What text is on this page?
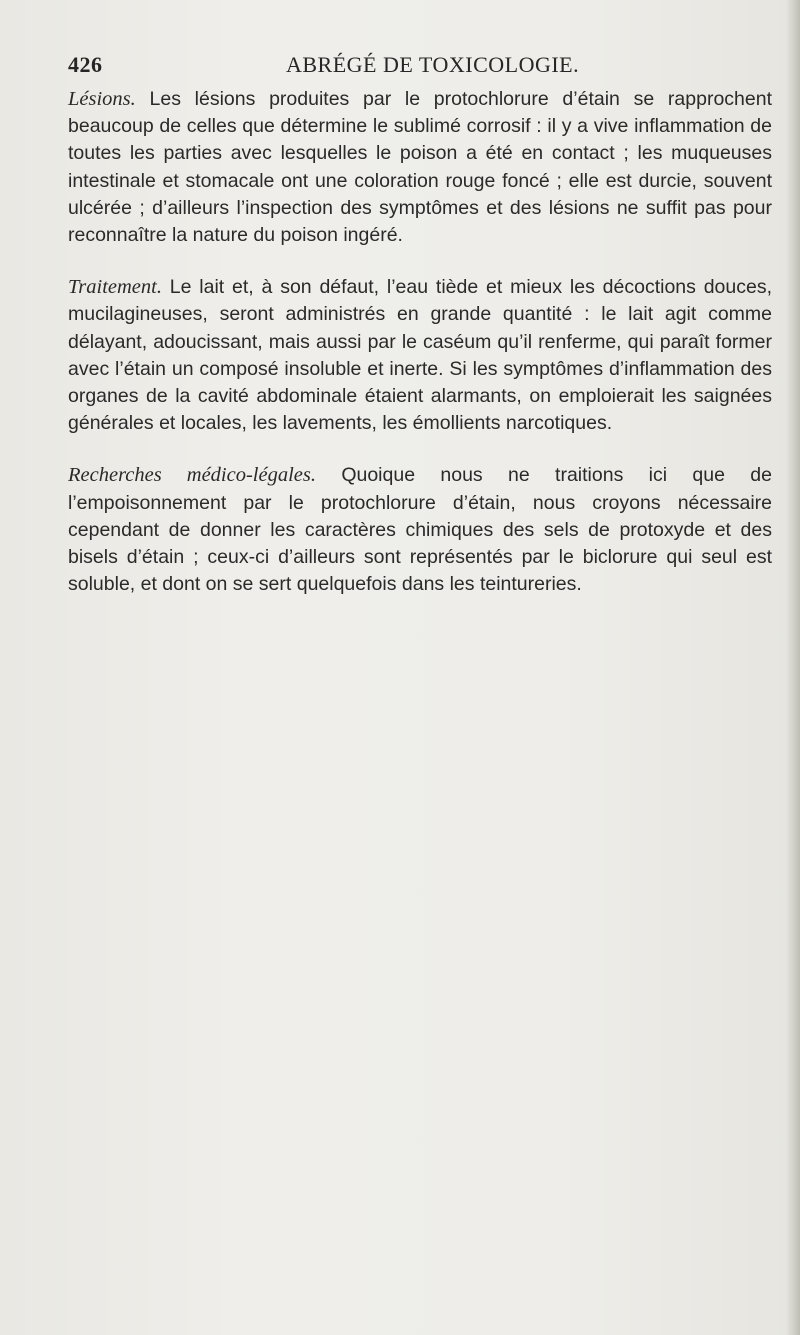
426	ABRÉGÉ DE TOXICOLOGIE.

Lésions. Les lésions produites par le protochlorure d’étain se rapprochent beaucoup de celles que détermine le sublimé corrosif : il y a vive inflammation de toutes les parties avec lesquelles le poison a été en contact ; les muqueuses intestinale et stomacale ont une coloration rouge foncé ; elle est durcie, souvent ulcérée ; d’ailleurs l’inspection des symptômes et des lésions ne suffit pas pour reconnaître la nature du poison ingéré.

Traitement. Le lait et, à son défaut, l’eau tiède et mieux les décoctions douces, mucilagineuses, seront administrés en grande quantité : le lait agit comme délayant, adoucissant, mais aussi par le caséum qu’il renferme, qui paraît former avec l’étain un composé insoluble et inerte. Si les symptômes d’inflammation des organes de la cavité abdominale étaient alarmants, on emploierait les saignées générales et locales, les lavements, les émollients narcotiques.

Recherches médico-légales. Quoique nous ne traitions ici que de l’empoisonnement par le protochlorure d’étain, nous croyons nécessaire cependant de donner les caractères chimiques des sels de protoxyde et des bisels d’étain ; ceux-ci d’ailleurs sont représentés par le biclorure qui seul est soluble, et dont on se sert quelquefois dans les teintureries.
